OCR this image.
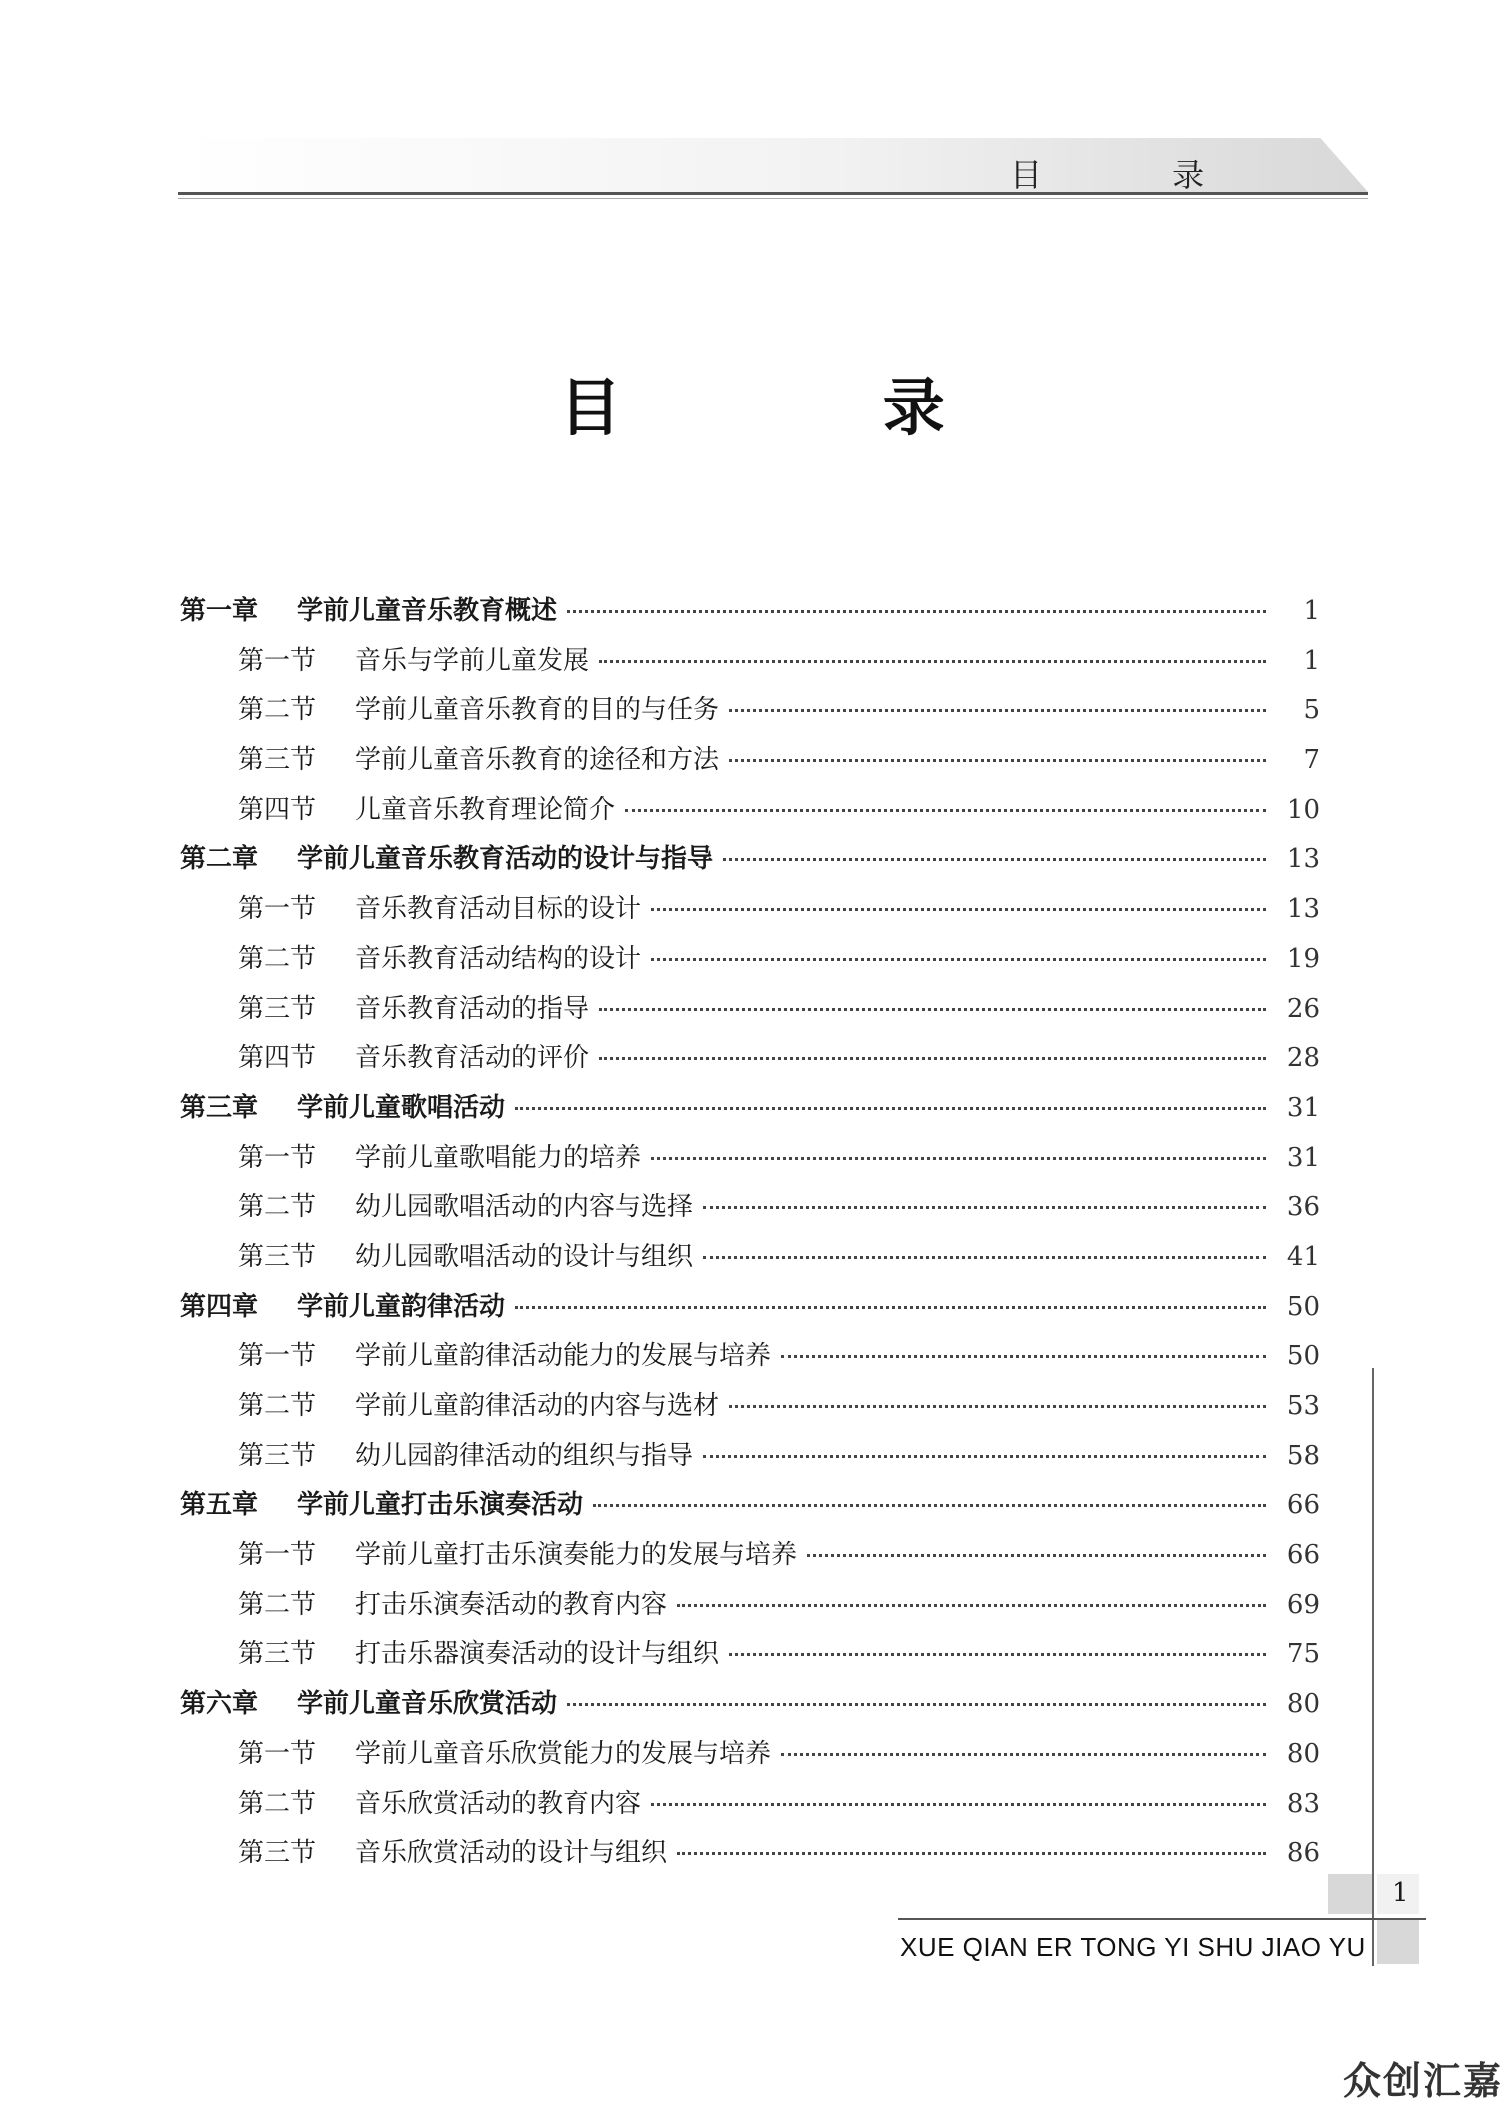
目 录
目 录
第一章	学前儿童音乐教育概述	1
第一节	音乐与学前儿童发展	1
第二节	学前儿童音乐教育的目的与任务	5
第三节	学前儿童音乐教育的途径和方法	7
第四节	儿童音乐教育理论简介	10
第二章	学前儿童音乐教育活动的设计与指导	13
第一节	音乐教育活动目标的设计	13
第二节	音乐教育活动结构的设计	19
第三节	音乐教育活动的指导	26
第四节	音乐教育活动的评价	28
第三章	学前儿童歌唱活动	31
第一节	学前儿童歌唱能力的培养	31
第二节	幼儿园歌唱活动的内容与选择	36
第三节	幼儿园歌唱活动的设计与组织	41
第四章	学前儿童韵律活动	50
第一节	学前儿童韵律活动能力的发展与培养	50
第二节	学前儿童韵律活动的内容与选材	53
第三节	幼儿园韵律活动的组织与指导	58
第五章	学前儿童打击乐演奏活动	66
第一节	学前儿童打击乐演奏能力的发展与培养	66
第二节	打击乐演奏活动的教育内容	69
第三节	打击乐器演奏活动的设计与组织	75
第六章	学前儿童音乐欣赏活动	80
第一节	学前儿童音乐欣赏能力的发展与培养	80
第二节	音乐欣赏活动的教育内容	83
第三节	音乐欣赏活动的设计与组织	86
1
XUE QIAN ER TONG YI SHU JIAO YU
众创汇嘉
